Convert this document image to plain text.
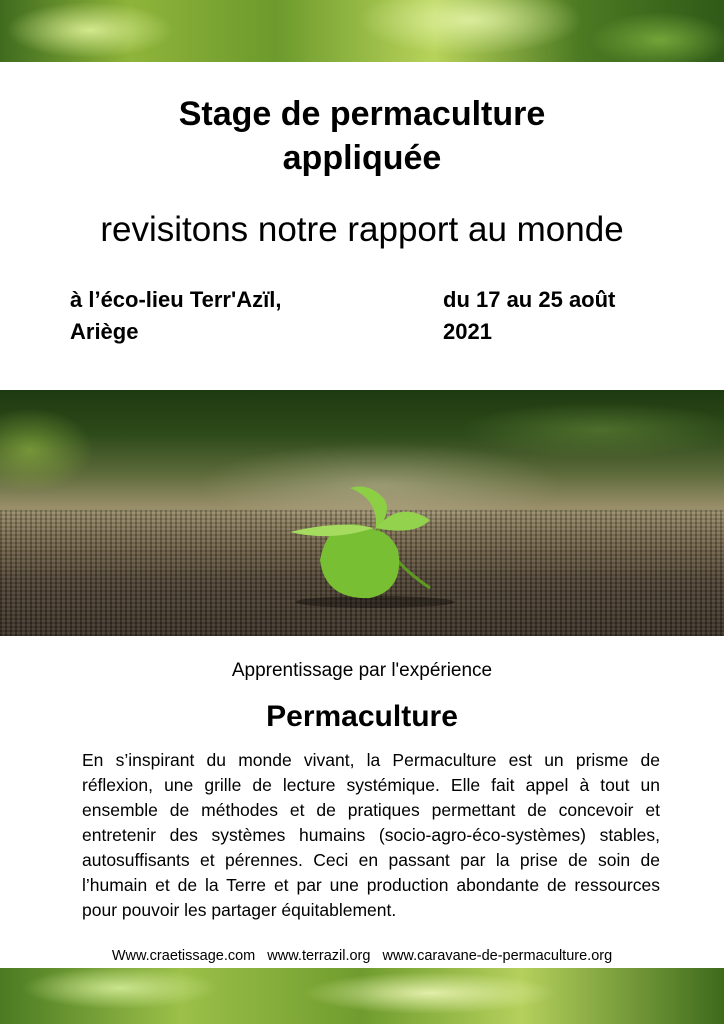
Stage de permaculture
appliquée
revisitons notre rapport au monde
à l’éco-lieu Terr'Azïl,
Ariège
du 17 au 25 août
2021
Apprentissage par l'expérience
Permaculture

En s’inspirant du monde vivant, la Permaculture est un prisme de réflexion, une grille de lecture systémique. Elle fait appel à tout un ensemble de méthodes et de pratiques permettant de concevoir et entretenir des systèmes humains (socio-agro-éco-systèmes) stables, autosuffisants et pérennes. Ceci en passant par la prise de soin de l’humain et de la Terre et par une production abondante de ressources pour pouvoir les partager équitablement.

Www.craetissage.com www.terrazil.org www.caravane-de-permaculture.org
